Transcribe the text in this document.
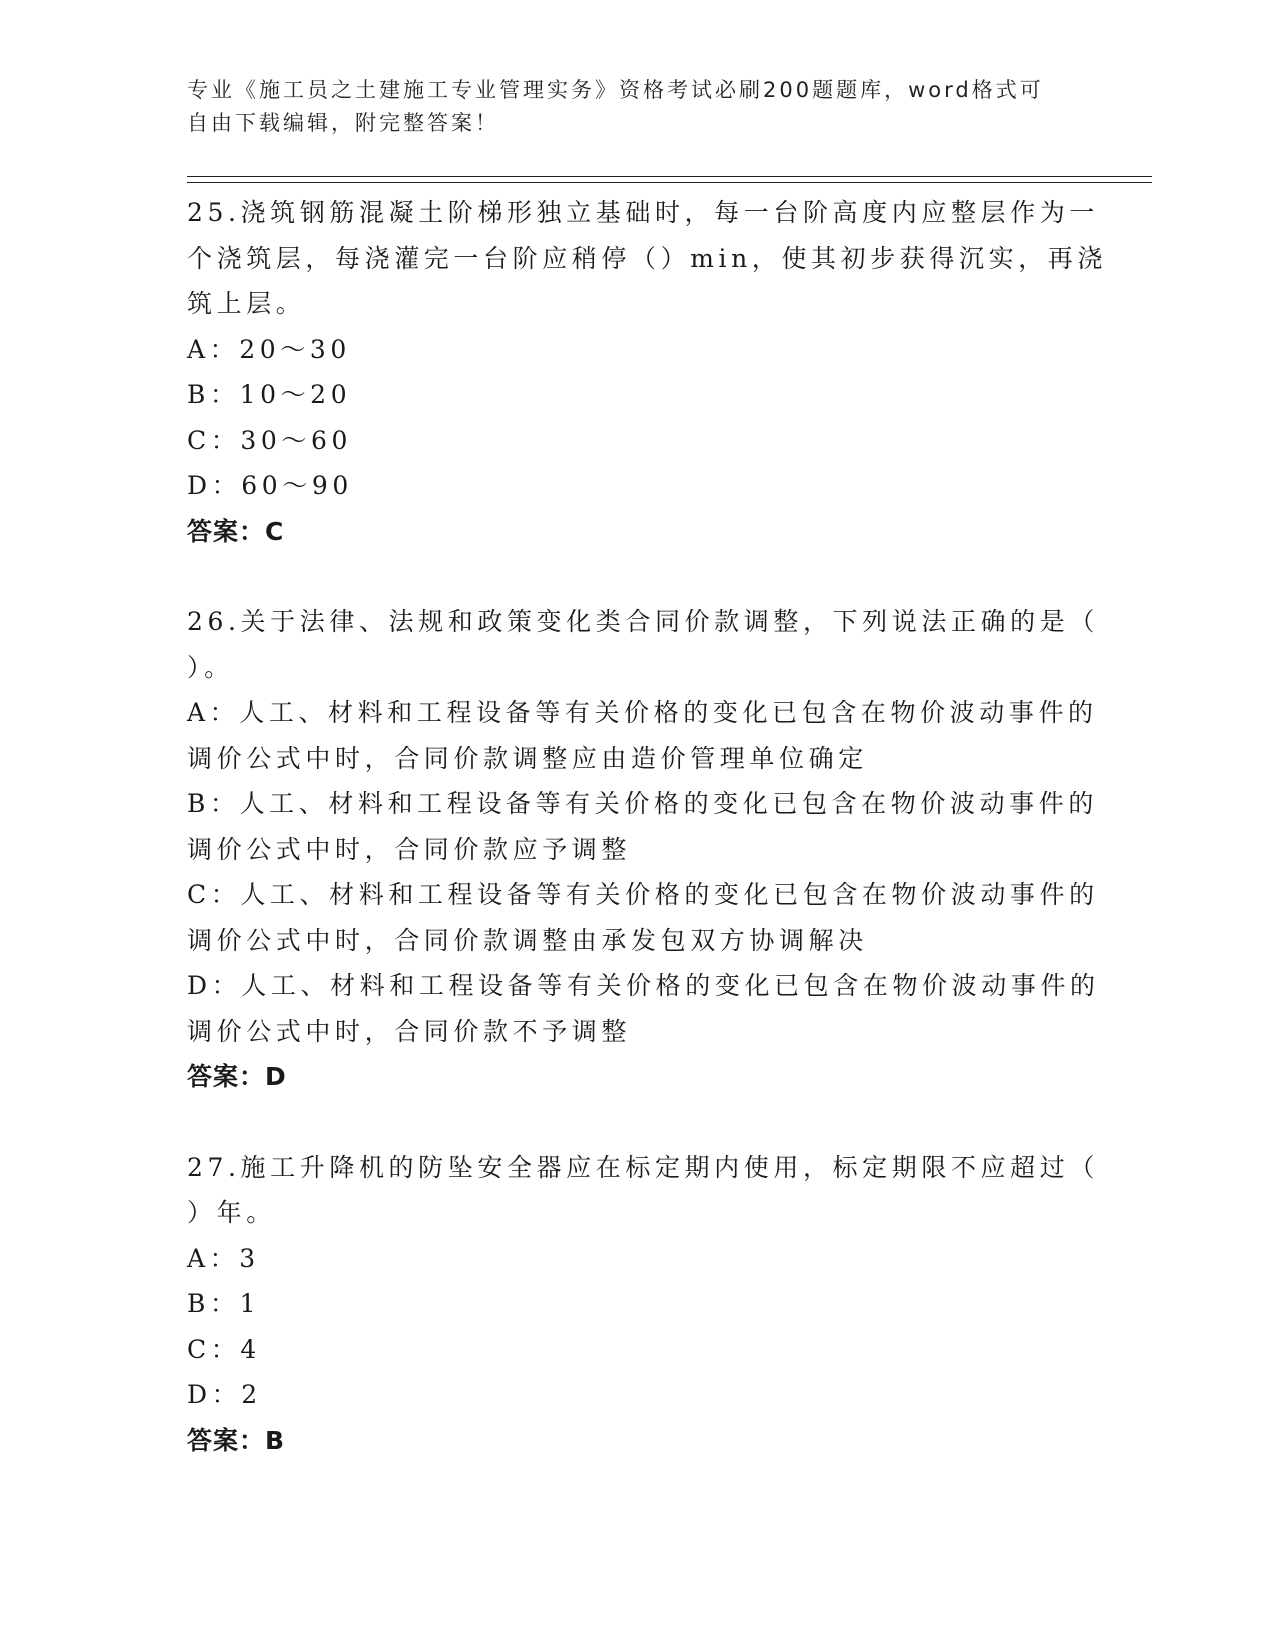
专业《施工员之土建施工专业管理实务》资格考试必刷200题题库，word格式可
自由下载编辑，附完整答案！
25.浇筑钢筋混凝土阶梯形独立基础时，每一台阶高度内应整层作为一
个浇筑层，每浇灌完一台阶应稍停（）min，使其初步获得沉实，再浇
筑上层。
A：20～30
B：10～20
C：30～60
D：60～90
答案：C
26.关于法律、法规和政策变化类合同价款调整，下列说法正确的是（
）。
A：人工、材料和工程设备等有关价格的变化已包含在物价波动事件的
调价公式中时，合同价款调整应由造价管理单位确定
B：人工、材料和工程设备等有关价格的变化已包含在物价波动事件的
调价公式中时，合同价款应予调整
C：人工、材料和工程设备等有关价格的变化已包含在物价波动事件的
调价公式中时，合同价款调整由承发包双方协调解决
D：人工、材料和工程设备等有关价格的变化已包含在物价波动事件的
调价公式中时，合同价款不予调整
答案：D
27.施工升降机的防坠安全器应在标定期内使用，标定期限不应超过（
）年。
A：3
B：1
C：4
D：2
答案：B
